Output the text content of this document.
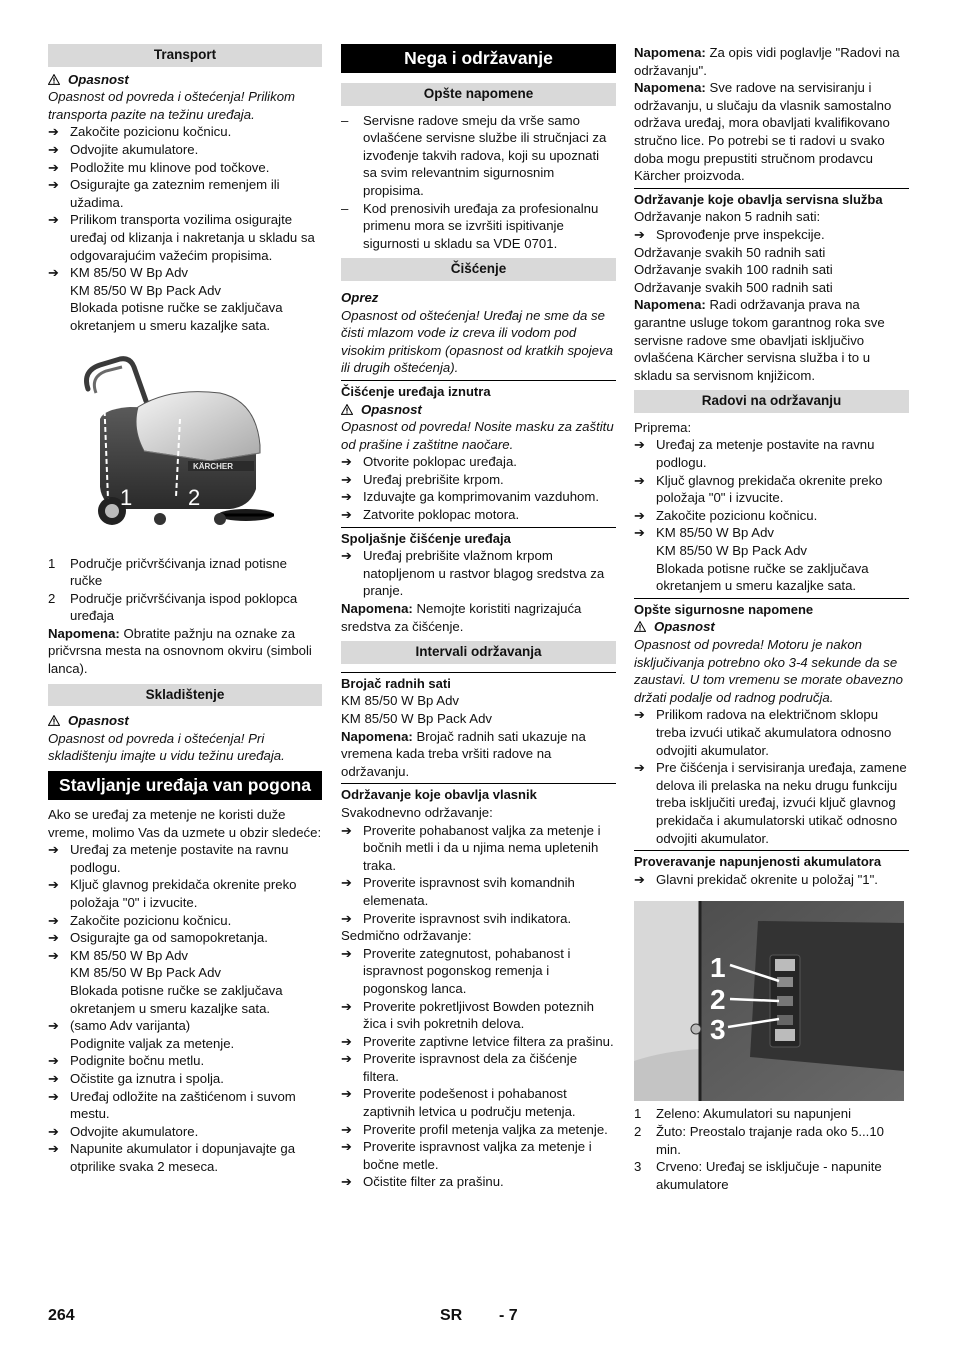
Transport

Opasnost

Opasnost od povreda i oštećenja! Prilikom transporta pazite na težinu uređaja.

➔ Zakočite pozicionu kočnicu.

➔ Odvojite akumulatore.

➔ Podložite mu klinove pod točkove.

➔ Osigurajte ga zateznim remenjem ili užadima.

➔ Prilikom transporta vozilima osigurajte uređaj od klizanja i nakretanja u skladu sa odgovarajućim važećim propisima.

➔ KM 85/50 W Bp Adv

KM 85/50 W Bp Pack Adv

Blokada potisne ručke se zaključava okretanjem u smeru kazaljke sata.

KÄRCHER
1	2

1 Područje pričvršćivanja iznad potisne ručke

2 Područje pričvršćivanja ispod poklopca uređaja

Napomena: Obratite pažnju na oznake za pričvrsna mesta na osnovnom okviru (simboli lanca).

Skladištenje

Opasnost

Opasnost od povreda i oštećenja! Pri skladištenju imajte u vidu težinu uređaja.

Stavljanje uređaja van pogona

Ako se uređaj za metenje ne koristi duže vreme, molimo Vas da uzmete u obzir sledeće:

➔ Uređaj za metenje postavite na ravnu podlogu.

➔ Ključ glavnog prekidača okrenite preko položaja "0" i izvucite.

➔ Zakočite pozicionu kočnicu.

➔ Osigurajte ga od samopokretanja.

➔ KM 85/50 W Bp Adv

KM 85/50 W Bp Pack Adv

Blokada potisne ručke se zaključava okretanjem u smeru kazaljke sata.

➔ (samo Adv varijanta)

Podignite valjak za metenje.

➔ Podignite bočnu metlu.

➔ Očistite ga iznutra i spolja.

➔ Uređaj odložite na zaštićenom i suvom mestu.

➔ Odvojite akumulatore.

➔ Napunite akumulator i dopunjavajte ga otprilike svaka 2 meseca.

Nega i održavanje
Opšte napomene

– Servisne radove smeju da vrše samo ovlašćene servisne službe ili stručnjaci za izvođenje takvih radova, koji su upoznati sa svim relevantnim sigurnosnim propisima.

– Kod prenosivih uređaja za profesionalnu primenu mora se izvršiti ispitivanje sigurnosti u skladu sa VDE 0701.

Čišćenje

Oprez

Opasnost od oštećenja! Uređaj ne sme da se čisti mlazom vode iz creva ili vodom pod visokim pritiskom (opasnost od kratkih spojeva ili drugih oštećenja).

Čišćenje uređaja iznutra

Opasnost

Opasnost od povreda! Nosite masku za zaštitu od prašine i zaštitne naočare.

➔ Otvorite poklopac uređaja.

➔ Uređaj prebrišite krpom.

➔ Izduvajte ga komprimovanim vazduhom.

➔ Zatvorite poklopac motora.

Spoljašnje čišćenje uređaja

➔ Uređaj prebrišite vlažnom krpom natopljenom u rastvor blagog sredstva za pranje.

Napomena: Nemojte koristiti nagrizajuća sredstva za čišćenje.

Intervali održavanja

Brojač radnih sati

KM 85/50 W Bp Adv

KM 85/50 W Bp Pack Adv

Napomena: Brojač radnih sati ukazuje na vremena kada treba vršiti radove na održavanju.

Održavanje koje obavlja vlasnik

Svakodnevno održavanje:

➔ Proverite pohabanost valjka za metenje i bočnih metli i da u njima nema upletenih traka.

➔ Proverite ispravnost svih komandnih elemenata.

➔ Proverite ispravnost svih indikatora.

Sedmično održavanje:

➔ Proverite zategnutost, pohabanost i ispravnost pogonskog remenja i pogonskog lanca.

➔ Proverite pokretljivost Bowden poteznih žica i svih pokretnih delova.

➔ Proverite zaptivne letvice filtera za prašinu.

➔ Proverite ispravnost dela za čišćenje filtera.

➔ Proverite podešenost i pohabanost zaptivnih letvica u području metenja.

➔ Proverite profil metenja valjka za metenje.

➔ Proverite ispravnost valjka za metenje i bočne metle.

➔ Očistite filter za prašinu.

Napomena: Za opis vidi poglavlje "Radovi na održavanju".

Napomena: Sve radove na servisiranju i održavanju, u slučaju da vlasnik samostalno održava uređaj, mora obavljati kvalifikovano stručno lice. Po potrebi se ti radovi u svako doba mogu prepustiti stručnom prodavcu Kärcher proizvoda.

Održavanje koje obavlja servisna služba

Održavanje nakon 5 radnih sati:

➔ Sprovođenje prve inspekcije.

Održavanje svakih 50 radnih sati

Održavanje svakih 100 radnih sati

Održavanje svakih 500 radnih sati

Napomena: Radi održavanja prava na garantne usluge tokom garantnog roka sve servisne radove sme obavljati isključivo ovlašćena Kärcher servisna služba i to u skladu sa servisnom knjižicom.

Radovi na održavanju

Priprema:

➔ Uređaj za metenje postavite na ravnu podlogu.

➔ Ključ glavnog prekidača okrenite preko položaja "0" i izvucite.

➔ Zakočite pozicionu kočnicu.

➔ KM 85/50 W Bp Adv

KM 85/50 W Bp Pack Adv

Blokada potisne ručke se zaključava okretanjem u smeru kazaljke sata.

Opšte sigurnosne napomene

Opasnost

Opasnost od povreda! Motoru je nakon isključivanja potrebno oko 3-4 sekunde da se zaustavi. U tom vremenu se morate obavezno držati podalje od radnog područja.

➔ Prilikom radova na električnom sklopu treba izvući utikač akumulatora odnosno odvojiti akumulator.

➔ Pre čišćenja i servisiranja uređaja, zamene delova ili prelaska na neku drugu funkciju treba isključiti uređaj, izvući ključ glavnog prekidača i akumulatorski utikač odnosno odvojiti akumulator.

Proveravanje napunjenosti akumulatora

➔ Glavni prekidač okrenite u položaj "1".

1
2
3

1 Zeleno: Akumulatori su napunjeni

2 Žuto: Preostalo trajanje rada oko 5...10 min.

3 Crveno: Uređaj se isključuje - napunite akumulatore

264	SR - 7
